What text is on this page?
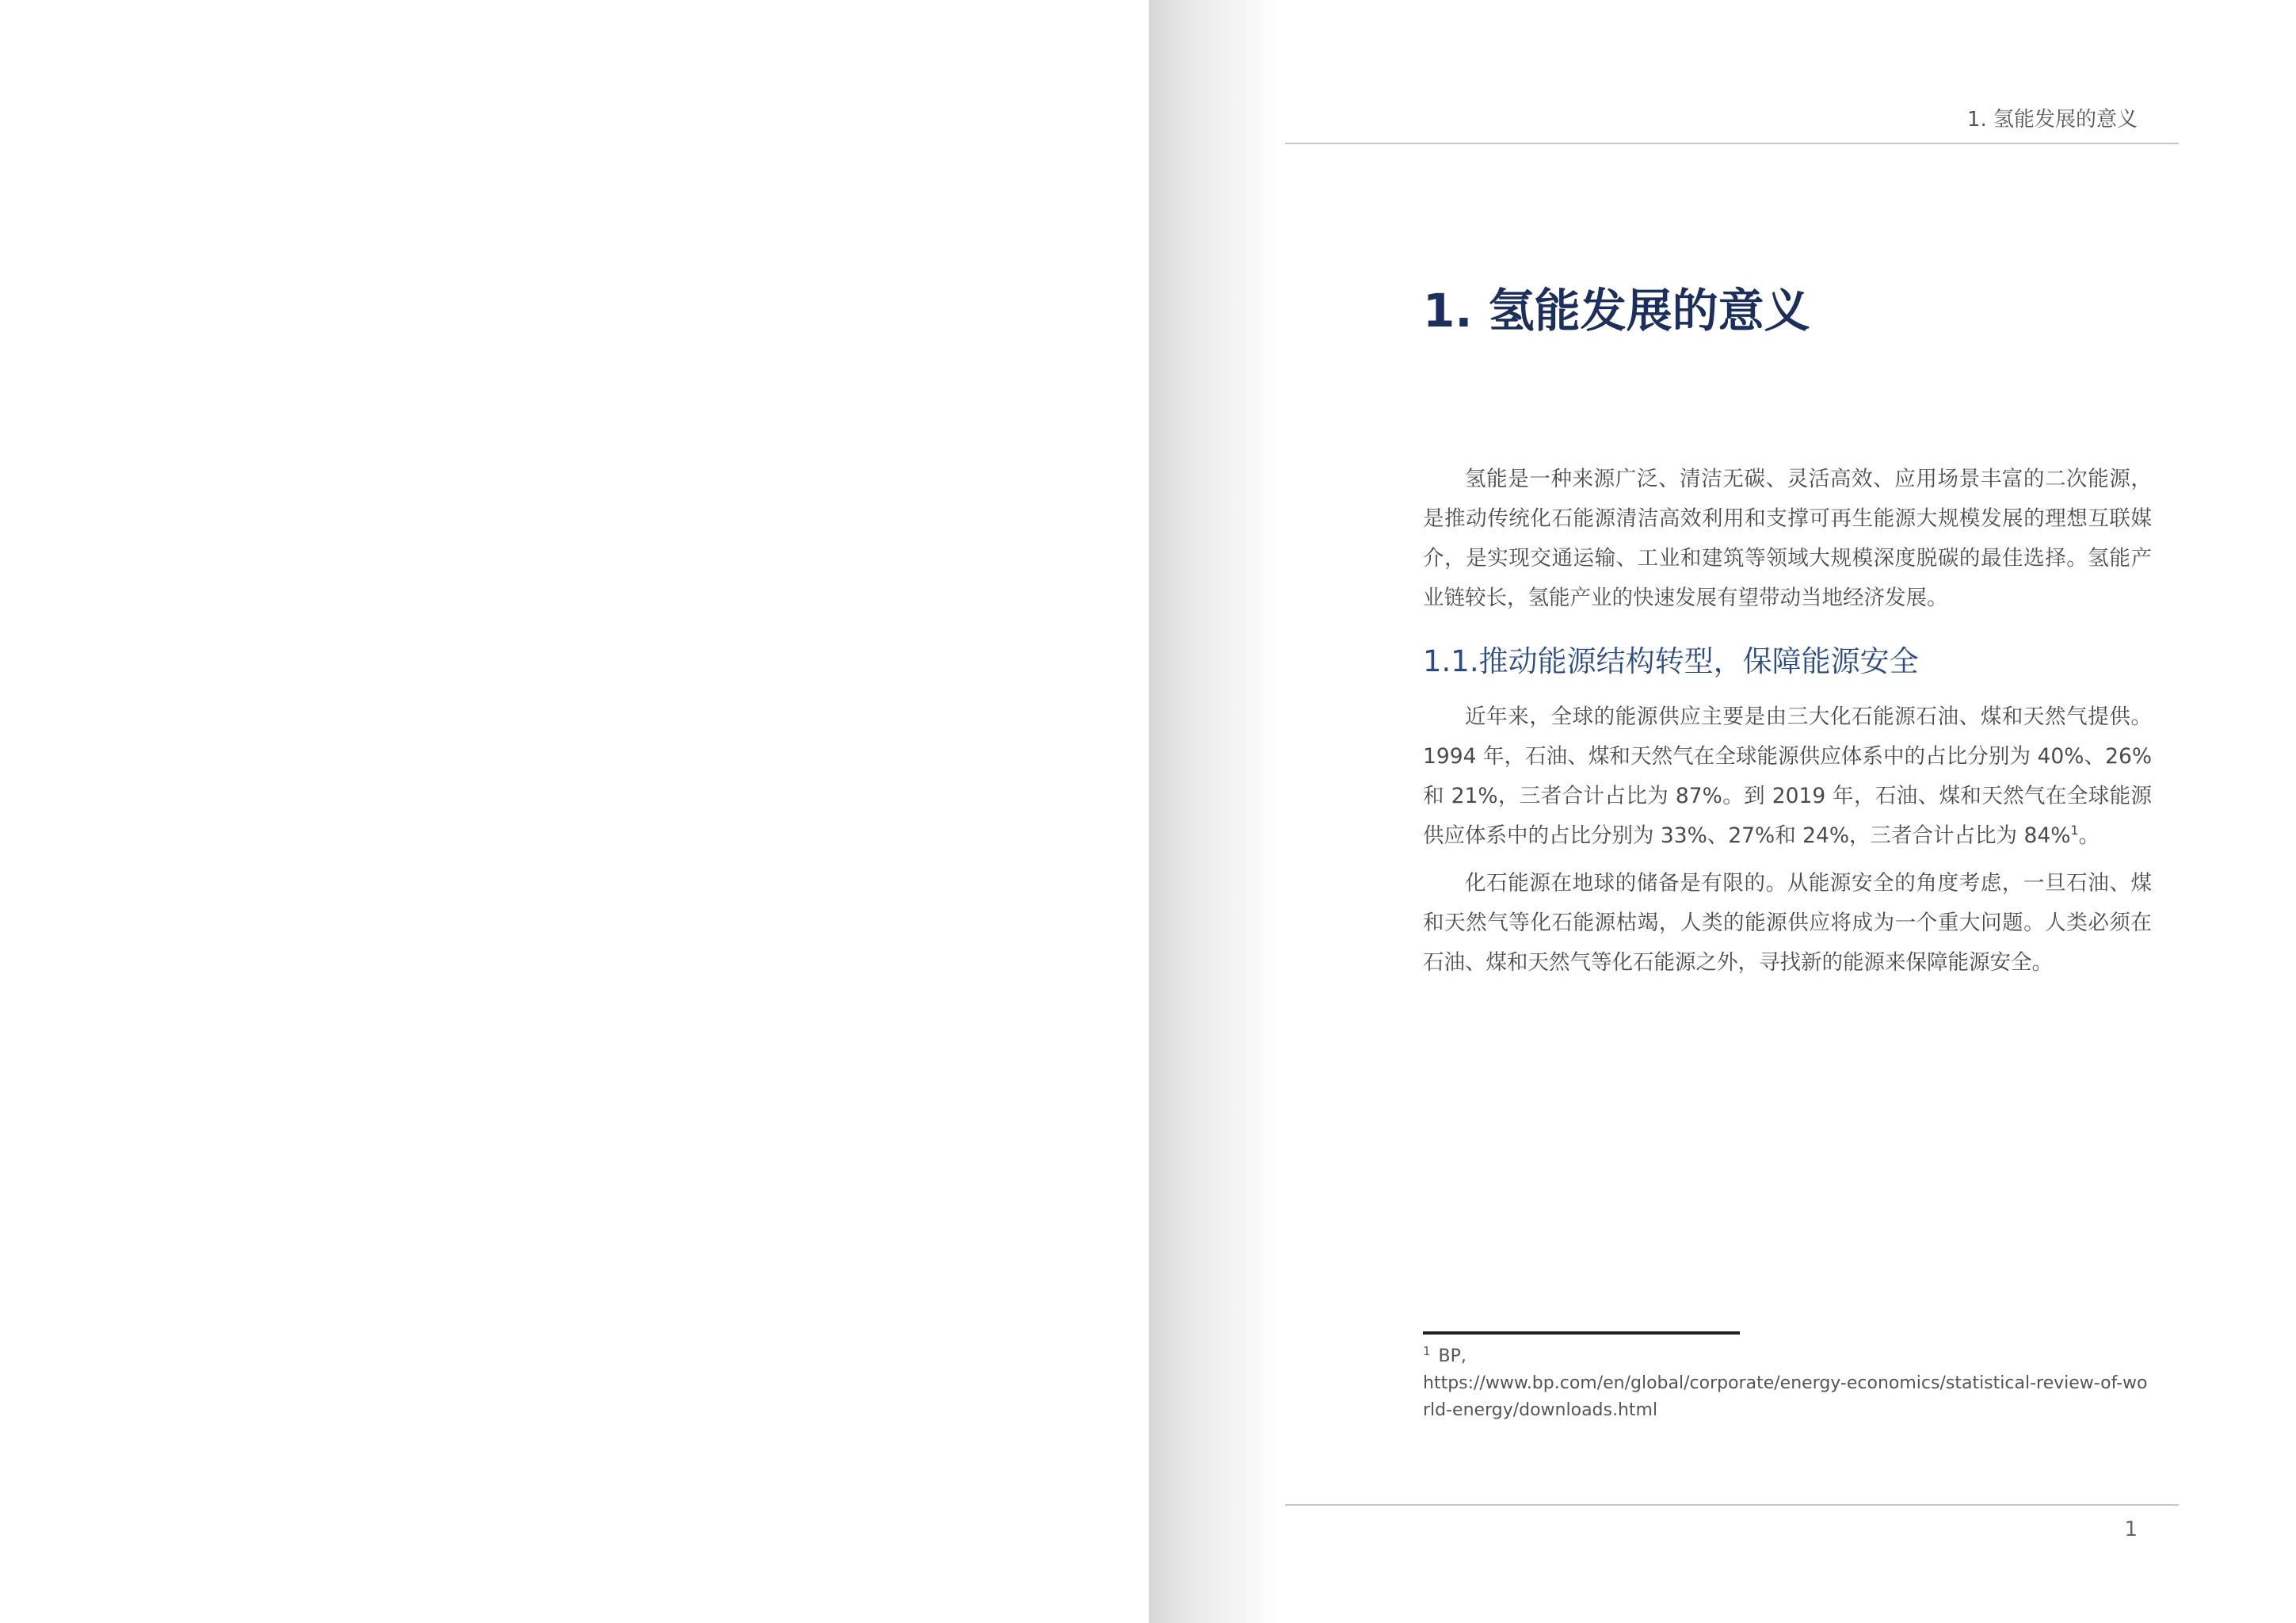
1. 氢能发展的意义
1. 氢能发展的意义

氢能是一种来源广泛、清洁无碳、灵活高效、应用场景丰富的二次能源，是推动传统化石能源清洁高效利用和支撑可再生能源大规模发展的理想互联媒介，是实现交通运输、工业和建筑等领域大规模深度脱碳的最佳选择。氢能产业链较长，氢能产业的快速发展有望带动当地经济发展。

1.1.推动能源结构转型，保障能源安全

近年来，全球的能源供应主要是由三大化石能源石油、煤和天然气提供。1994 年，石油、煤和天然气在全球能源供应体系中的占比分别为 40%、26%和 21%，三者合计占比为 87%。到 2019 年，石油、煤和天然气在全球能源供应体系中的占比分别为 33%、27%和 24%，三者合计占比为 84%$^1$。

化石能源在地球的储备是有限的。从能源安全的角度考虑，一旦石油、煤和天然气等化石能源枯竭，人类的能源供应将成为一个重大问题。人类必须在石油、煤和天然气等化石能源之外，寻找新的能源来保障能源安全。

$^1$ BP,
https://www.bp.com/en/global/corporate/energy-economics/statistical-review-of-world-energy/downloads.html
1
